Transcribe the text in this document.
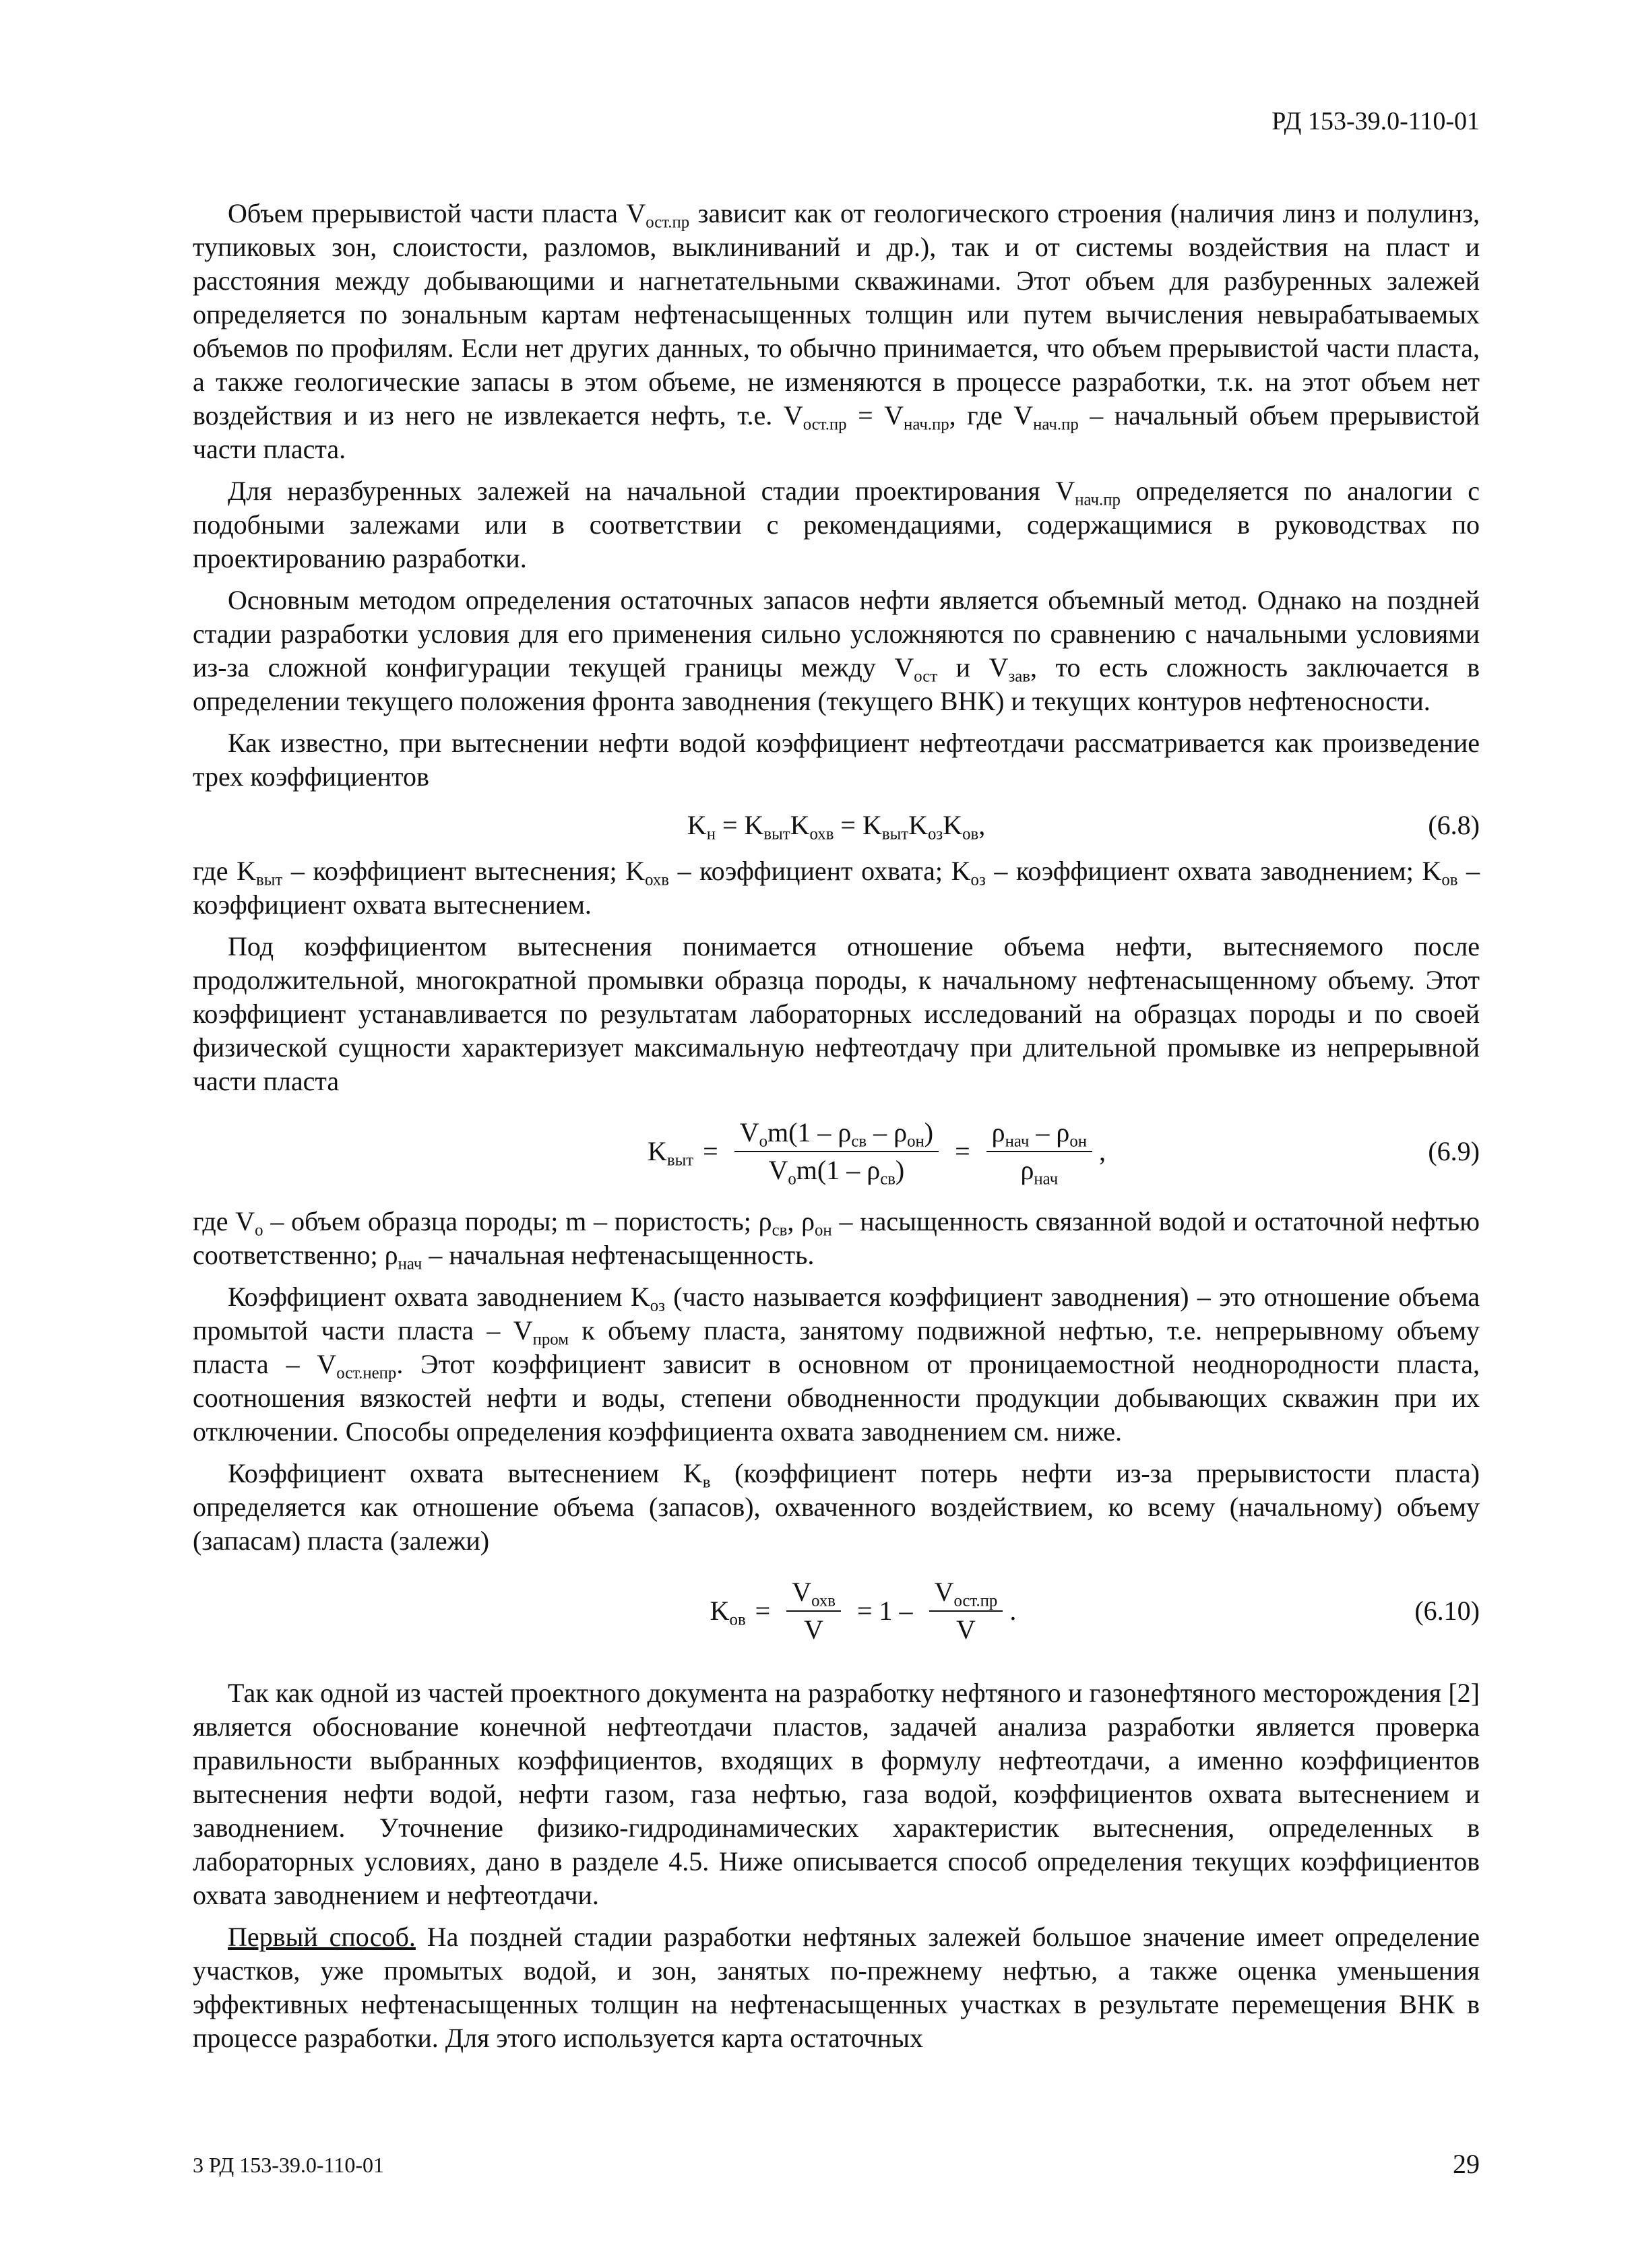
РД 153-39.0-110-01

Объем прерывистой части пласта $V_{ост.пр}$ зависит как от геологического строения (наличия линз и полулинз, тупиковых зон, слоистости, разломов, выклиниваний и др.), так и от системы воздействия на пласт и расстояния между добывающими и нагнетательными скважинами. Этот объем для разбуренных залежей определяется по зональным картам нефтенасыщенных толщин или путем вычисления невырабатываемых объемов по профилям. Если нет других данных, то обычно принимается, что объем прерывистой части пласта, а также геологические запасы в этом объеме, не изменяются в процессе разработки, т.к. на этот объем нет воздействия и из него не извлекается нефть, т.е. $V_{ост.пр} = V_{нач.пр}$, где $V_{нач.пр}$ – начальный объем прерывистой части пласта.

Для неразбуренных залежей на начальной стадии проектирования $V_{нач.пр}$ определяется по аналогии с подобными залежами или в соответствии с рекомендациями, содержащимися в руководствах по проектированию разработки.

Основным методом определения остаточных запасов нефти является объемный метод. Однако на поздней стадии разработки условия для его применения сильно усложняются по сравнению с начальными условиями из-за сложной конфигурации текущей границы между $V_{ост}$ и $V_{зав}$, то есть сложность заключается в определении текущего положения фронта заводнения (текущего ВНК) и текущих контуров нефтеносности.

Как известно, при вытеснении нефти водой коэффициент нефтеотдачи рассматривается как произведение трех коэффициентов

$K_н = K_{выт}K_{охв} = K_{выт}K_{оз}K_{ов}$,	(6.8)

где $K_{выт}$ – коэффициент вытеснения; $K_{охв}$ – коэффициент охвата; $K_{оз}$ – коэффициент охвата заводнением; $K_{ов}$ – коэффициент охвата вытеснением.

Под коэффициентом вытеснения понимается отношение объема нефти, вытесняемого после продолжительной, многократной промывки образца породы, к начальному нефтенасыщенному объему. Этот коэффициент устанавливается по результатам лабораторных исследований на образцах породы и по своей физической сущности характеризует максимальную нефтеотдачу при длительной промывке из непрерывной части пласта

$K_{выт} = \frac{V_оm(1 - \rho_{св} - \rho_{он})}{V_оm(1 - \rho_{св})} = \frac{\rho_{нач} - \rho_{он}}{\rho_{нач}}$ ,	(6.9)

где $V_о$ – объем образца породы; m – пористость; $\rho_{св}$, $\rho_{он}$ – насыщенность связанной водой и остаточной нефтью соответственно; $\rho_{нач}$ – начальная нефтенасыщенность.

Коэффициент охвата заводнением $K_{оз}$ (часто называется коэффициент заводнения) – это отношение объема промытой части пласта – $V_{пром}$ к объему пласта, занятому подвижной нефтью, т.е. непрерывному объему пласта – $V_{ост.непр}$. Этот коэффициент зависит в основном от проницаемостной неоднородности пласта, соотношения вязкостей нефти и воды, степени обводненности продукции добывающих скважин при их отключении. Способы определения коэффициента охвата заводнением см. ниже.

Коэффициент охвата вытеснением $K_в$ (коэффициент потерь нефти из-за прерывистости пласта) определяется как отношение объема (запасов), охваченного воздействием, ко всему (начальному) объему (запасам) пласта (залежи)

$K_{ов} = \frac{V_{охв}}{V} = 1 - \frac{V_{ост.пр}}{V}$ .	(6.10)

Так как одной из частей проектного документа на разработку нефтяного и газонефтяного месторождения [2] является обоснование конечной нефтеотдачи пластов, задачей анализа разработки является проверка правильности выбранных коэффициентов, входящих в формулу нефтеотдачи, а именно коэффициентов вытеснения нефти водой, нефти газом, газа нефтью, газа водой, коэффициентов охвата вытеснением и заводнением. Уточнение физико-гидродинамических характеристик вытеснения, определенных в лабораторных условиях, дано в разделе 4.5. Ниже описывается способ определения текущих коэффициентов охвата заводнением и нефтеотдачи.

Первый способ. На поздней стадии разработки нефтяных залежей большое значение имеет определение участков, уже промытых водой, и зон, занятых по-прежнему нефтью, а также оценка уменьшения эффективных нефтенасыщенных толщин на нефтенасыщенных участках в результате перемещения ВНК в процессе разработки. Для этого используется карта остаточных

3 РД 153-39.0-110-01	29
